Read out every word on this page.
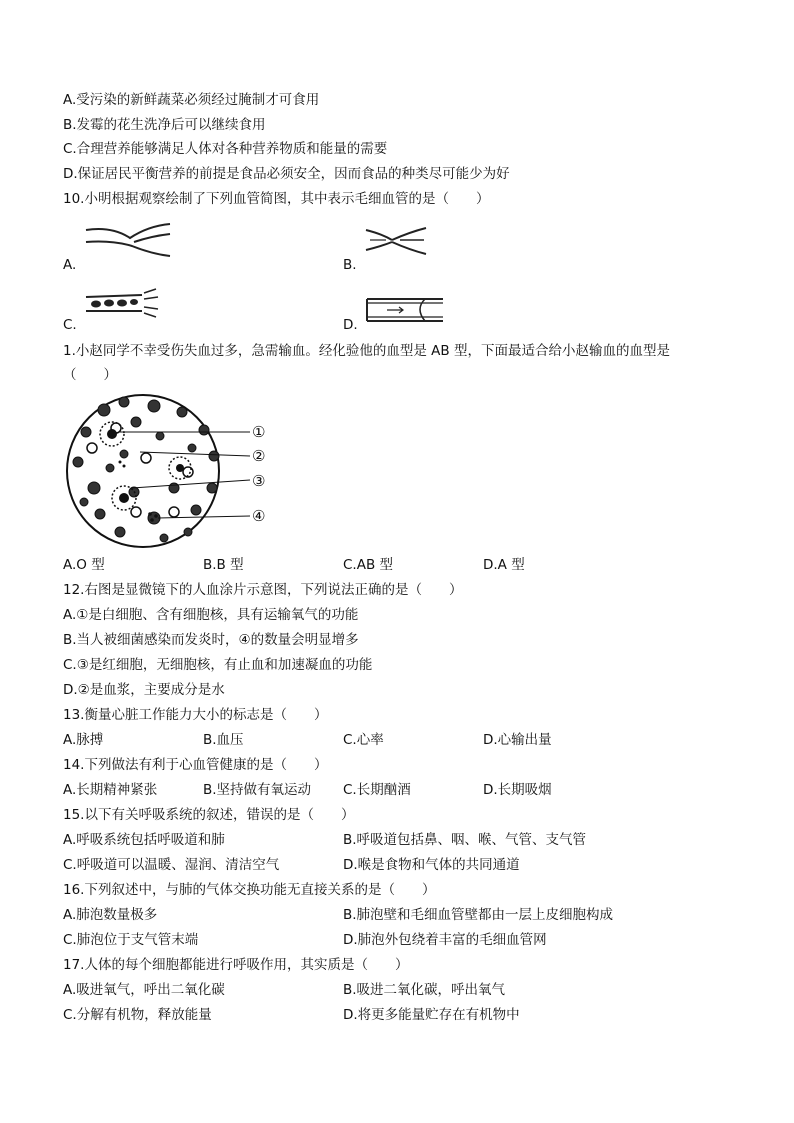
A.受污染的新鲜蔬菜必须经过腌制才可食用
B.发霉的花生洗净后可以继续食用
C.合理营养能够满足人体对各种营养物质和能量的需要
D.保证居民平衡营养的前提是食品必须安全，因而食品的种类尽可能少为好
10.小明根据观察绘制了下列血管简图，其中表示毛细血管的是（　　）
A.	B.
C.	D.
1.小赵同学不幸受伤失血过多，急需输血。经化验他的血型是 AB 型，下面最适合给小赵输血的血型是
（　　）
①
②
③
④
A.O 型	B.B 型	C.AB 型	D.A 型
12.右图是显微镜下的人血涂片示意图，下列说法正确的是（　　）
A.①是白细胞、含有细胞核，具有运输氧气的功能
B.当人被细菌感染而发炎时，④的数量会明显增多
C.③是红细胞，无细胞核，有止血和加速凝血的功能
D.②是血浆，主要成分是水
13.衡量心脏工作能力大小的标志是（　　）
A.脉搏	B.血压	C.心率	D.心输出量
14.下列做法有利于心血管健康的是（　　）
A.长期精神紧张	B.坚持做有氧运动 C.长期酗酒	D.长期吸烟
15.以下有关呼吸系统的叙述，错误的是（　　）
A.呼吸系统包括呼吸道和肺	B.呼吸道包括鼻、咽、喉、气管、支气管
C.呼吸道可以温暖、湿润、清洁空气	D.喉是食物和气体的共同通道
16.下列叙述中，与肺的气体交换功能无直接关系的是（　　）
A.肺泡数量极多	B.肺泡壁和毛细血管壁都由一层上皮细胞构成
C.肺泡位于支气管末端	D.肺泡外包绕着丰富的毛细血管网
17.人体的每个细胞都能进行呼吸作用，其实质是（　　）
A.吸进氧气，呼出二氧化碳	B.吸进二氧化碳，呼出氧气
C.分解有机物，释放能量	D.将更多能量贮存在有机物中
